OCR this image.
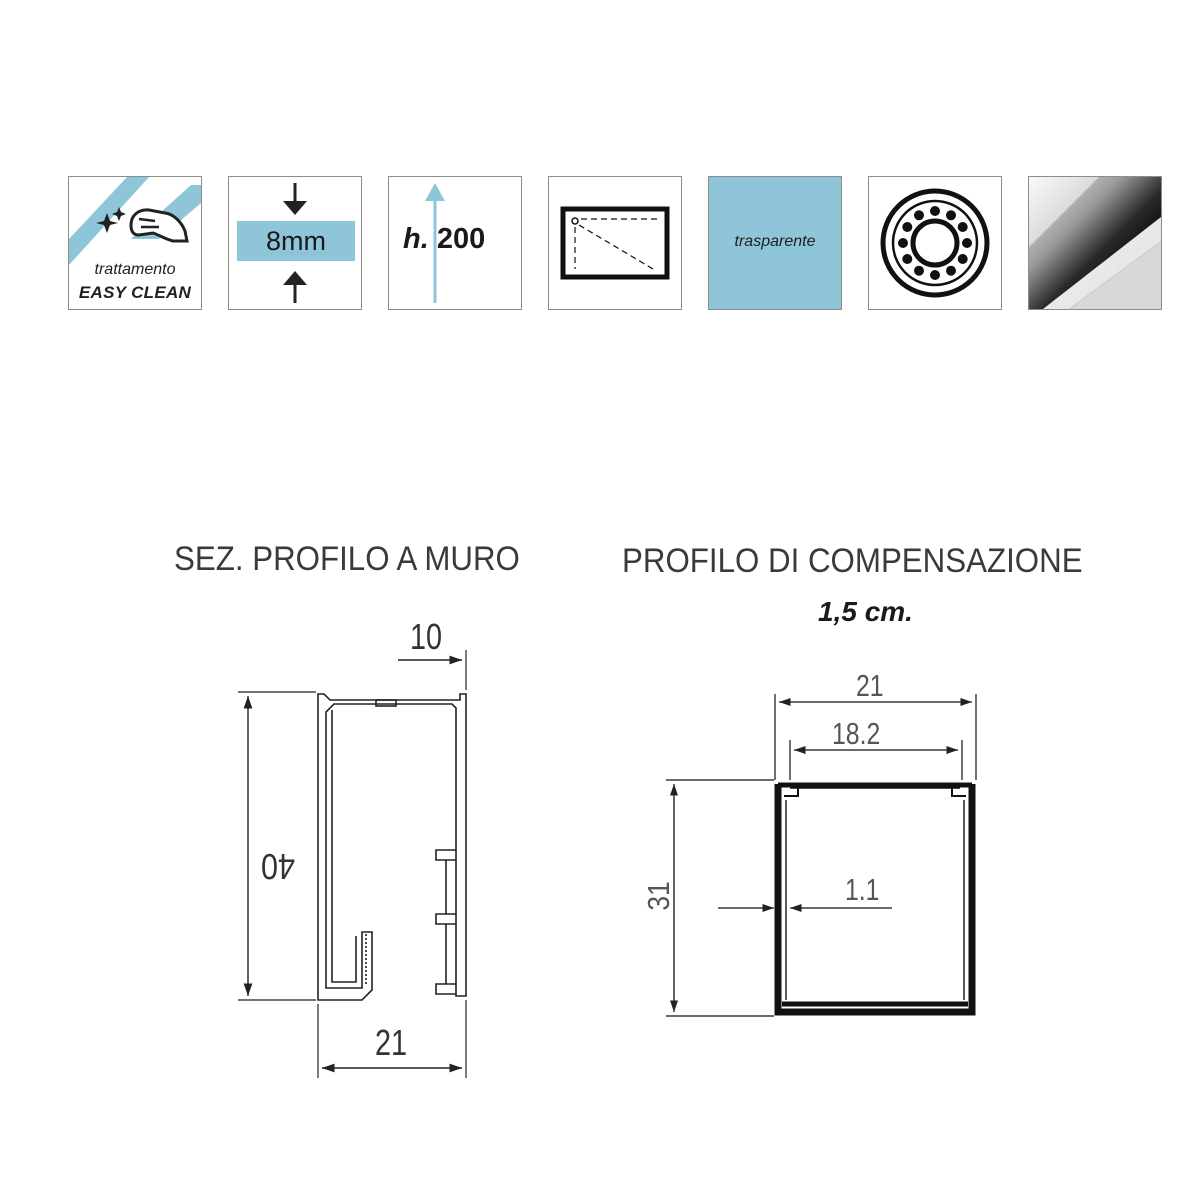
trattamento
EASY CLEAN
8mm	h. 200	trasparente
SEZ. PROFILO A MURO	PROFILO DI COMPENSAZIONE
1,5 cm.
10
21
40
21
18.2
1.1
31
